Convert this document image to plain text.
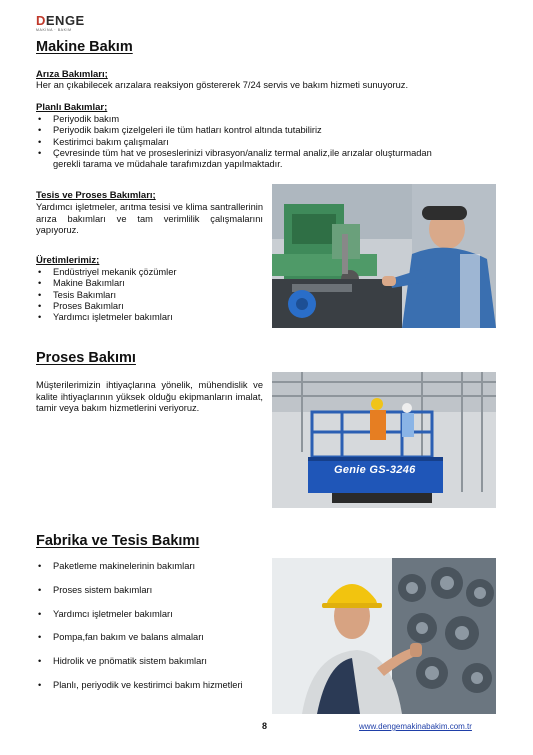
DENGE
MAKİNA · BAKIM
Makine Bakım
Arıza Bakımları;
Her an çıkabilecek arızalara reaksiyon göstererek 7/24 servis ve bakım hizmeti sunuyoruz.
Planlı Bakımlar;
• Periyodik bakım
• Periyodik bakım çizelgeleri ile tüm hatları kontrol altında tutabiliriz
• Kestirimci bakım çalışmaları
• Çevresinde tüm hat ve proseslerinizi vibrasyon/analiz termal analiz,ile arızalar oluşturmadan gerekli tarama ve müdahale tarafımızdan yapılmaktadır.
Tesis ve Proses Bakımları;
Yardımcı işletmeler, arıtma tesisi ve klima santrallerinin arıza bakımları ve tam verimlilik çalışmalarını yapıyoruz.
Üretimlerimiz;
• Endüstriyel mekanik çözümler
• Makine Bakımları
• Tesis Bakımları
• Proses Bakımları
• Yardımcı işletmeler bakımları
Proses Bakımı
Müşterilerimizin ihtiyaçlarına yönelik, mühendislik ve kalite ihtiyaçlarının yüksek olduğu ekipmanların imalat, tamir veya bakım hizmetlerini veriyoruz.
Genie GS-3246
Fabrika ve Tesis Bakımı
• Paketleme makinelerinin bakımları
• Proses sistem bakımları
• Yardımcı işletmeler bakımları
• Pompa,fan bakım ve balans almaları
• Hidrolik ve pnömatik sistem bakımları
• Planlı, periyodik ve kestirimci bakım hizmetleri
8	www.dengemakinabakim.com.tr
